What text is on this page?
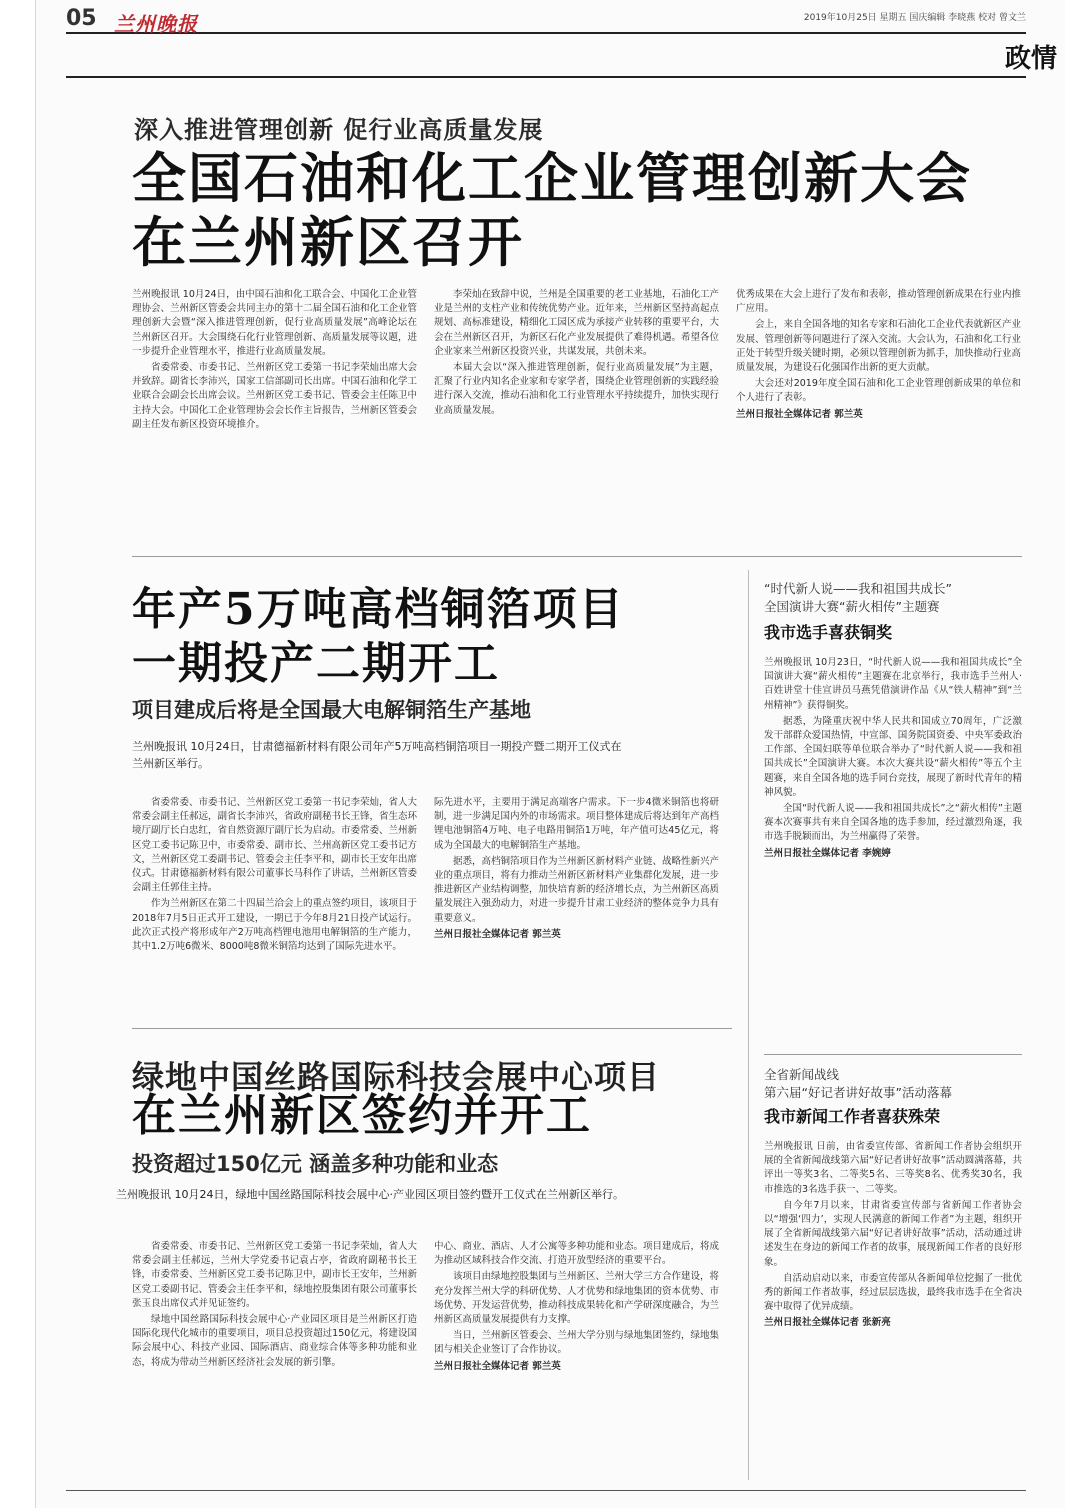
05 兰州晚报	2019年10月25日 星期五 国庆编辑 李晓燕 校对 曾文兰
政情
深入推进管理创新 促行业高质量发展
全国石油和化工企业管理创新大会
在兰州新区召开

兰州晚报讯 10月24日，由中国石油和化工联合会、中国化工企业管理协会、兰州新区管委会共同主办的第十二届全国石油和化工企业管理创新大会暨“深入推进管理创新，促行业高质量发展”高峰论坛在兰州新区召开。大会围绕石化行业管理创新、高质量发展等议题，进一步提升企业管理水平，推进行业高质量发展。

省委常委、市委书记、兰州新区党工委第一书记李荣灿出席大会并致辞。副省长李沛兴，国家工信部副司长出席。中国石油和化学工业联合会副会长出席会议。兰州新区党工委书记、管委会主任陈卫中主持大会。中国化工企业管理协会会长作主旨报告，兰州新区管委会副主任发布新区投资环境推介。

李荣灿在致辞中说，兰州是全国重要的老工业基地，石油化工产业是兰州的支柱产业和传统优势产业。近年来，兰州新区坚持高起点规划、高标准建设，精细化工园区成为承接产业转移的重要平台，大会在兰州新区召开，为新区石化产业发展提供了难得机遇。希望各位企业家来兰州新区投资兴业，共谋发展，共创未来。

本届大会以“深入推进管理创新，促行业高质量发展”为主题，汇聚了行业内知名企业家和专家学者，围绕企业管理创新的实践经验进行深入交流，推动石油和化工行业管理水平持续提升，加快实现行业高质量发展。

优秀成果在大会上进行了发布和表彰，推动管理创新成果在行业内推广应用。

会上，来自全国各地的知名专家和石油化工企业代表就新区产业发展、管理创新等问题进行了深入交流。大会认为，石油和化工行业正处于转型升级关键时期，必须以管理创新为抓手，加快推动行业高质量发展，为建设石化强国作出新的更大贡献。

大会还对2019年度全国石油和化工企业管理创新成果的单位和个人进行了表彰。

兰州日报社全媒体记者 郭兰英

年产5万吨高档铜箔项目
一期投产二期开工
项目建成后将是全国最大电解铜箔生产基地
兰州晚报讯 10月24日，甘肃德福新材料有限公司年产5万吨高档铜箔项目一期投产暨二期开工仪式在兰州新区举行。

省委常委、市委书记、兰州新区党工委第一书记李荣灿，省人大常委会副主任郝远，副省长李沛兴，省政府副秘书长王锋，省生态环境厅副厅长白忠红，省自然资源厅副厅长为启动。市委常委、兰州新区党工委书记陈卫中，市委常委、副市长、兰州高新区党工委书记方文，兰州新区党工委副书记、管委会主任李平和，副市长王安年出席仪式。甘肃德福新材料有限公司董事长马科作了讲话，兰州新区管委会副主任郭佳主持。

作为兰州新区在第二十四届兰洽会上的重点签约项目，该项目于2018年7月5日正式开工建设，一期已于今年8月21日投产试运行。此次正式投产将形成年产2万吨高档锂电池用电解铜箔的生产能力，其中1.2万吨6微米、8000吨8微米铜箔均达到了国际先进水平。

际先进水平，主要用于满足高端客户需求。下一步4微米铜箔也将研制，进一步满足国内外的市场需求。项目整体建成后将达到年产高档锂电池铜箔4万吨、电子电路用铜箔1万吨，年产值可达45亿元，将成为全国最大的电解铜箔生产基地。

据悉，高档铜箔项目作为兰州新区新材料产业链、战略性新兴产业的重点项目，将有力推动兰州新区新材料产业集群化发展，进一步推进新区产业结构调整，加快培育新的经济增长点，为兰州新区高质量发展注入强劲动力，对进一步提升甘肃工业经济的整体竞争力具有重要意义。

兰州日报社全媒体记者 郭兰英

绿地中国丝路国际科技会展中心项目
在兰州新区签约并开工
投资超过150亿元 涵盖多种功能和业态
兰州晚报讯 10月24日，绿地中国丝路国际科技会展中心·产业园区项目签约暨开工仪式在兰州新区举行。

省委常委、市委书记、兰州新区党工委第一书记李荣灿，省人大常委会副主任郝远，兰州大学党委书记袁占亭，省政府副秘书长王锋，市委常委、兰州新区党工委书记陈卫中，副市长王安年，兰州新区党工委副书记、管委会主任李平和，绿地控股集团有限公司董事长张玉良出席仪式并见证签约。

绿地中国丝路国际科技会展中心·产业园区项目是兰州新区打造国际化现代化城市的重要项目，项目总投资超过150亿元，将建设国际会展中心、科技产业园、国际酒店、商业综合体等多种功能和业态，将成为带动兰州新区经济社会发展的新引擎。

中心、商业、酒店、人才公寓等多种功能和业态。项目建成后，将成为推动区域科技合作交流、打造开放型经济的重要平台。

该项目由绿地控股集团与兰州新区、兰州大学三方合作建设，将充分发挥兰州大学的科研优势、人才优势和绿地集团的资本优势、市场优势、开发运营优势，推动科技成果转化和产学研深度融合，为兰州新区高质量发展提供有力支撑。

当日，兰州新区管委会、兰州大学分别与绿地集团签约，绿地集团与相关企业签订了合作协议。

兰州日报社全媒体记者 郭兰英

“时代新人说——我和祖国共成长”
全国演讲大赛“薪火相传”主题赛
我市选手喜获铜奖

兰州晚报讯 10月23日，“时代新人说——我和祖国共成长”全国演讲大赛“薪火相传”主题赛在北京举行，我市选手兰州人·百姓讲堂十佳宣讲员马燕凭借演讲作品《从“铁人精神”到“兰州精神”》获得铜奖。

据悉，为隆重庆祝中华人民共和国成立70周年，广泛激发干部群众爱国热情，中宣部、国务院国资委、中央军委政治工作部、全国妇联等单位联合举办了“时代新人说——我和祖国共成长”全国演讲大赛。本次大赛共设“薪火相传”等五个主题赛，来自全国各地的选手同台竞技，展现了新时代青年的精神风貌。

全国“时代新人说——我和祖国共成长”之“薪火相传”主题赛本次赛事共有来自全国各地的选手参加，经过激烈角逐，我市选手脱颖而出，为兰州赢得了荣誉。

兰州日报社全媒体记者 李婉婷

全省新闻战线
第六届“好记者讲好故事”活动落幕
我市新闻工作者喜获殊荣

兰州晚报讯 日前，由省委宣传部、省新闻工作者协会组织开展的全省新闻战线第六届“好记者讲好故事”活动圆满落幕，共评出一等奖3名、二等奖5名、三等奖8名、优秀奖30名，我市推选的3名选手获一、二等奖。

自今年7月以来，甘肃省委宣传部与省新闻工作者协会以“增强‘四力’，实现人民满意的新闻工作者”为主题，组织开展了全省新闻战线第六届“好记者讲好故事”活动，活动通过讲述发生在身边的新闻工作者的故事，展现新闻工作者的良好形象。

自活动启动以来，市委宣传部从各新闻单位挖掘了一批优秀的新闻工作者故事，经过层层选拔，最终我市选手在全省决赛中取得了优异成绩。

兰州日报社全媒体记者 张新亮
